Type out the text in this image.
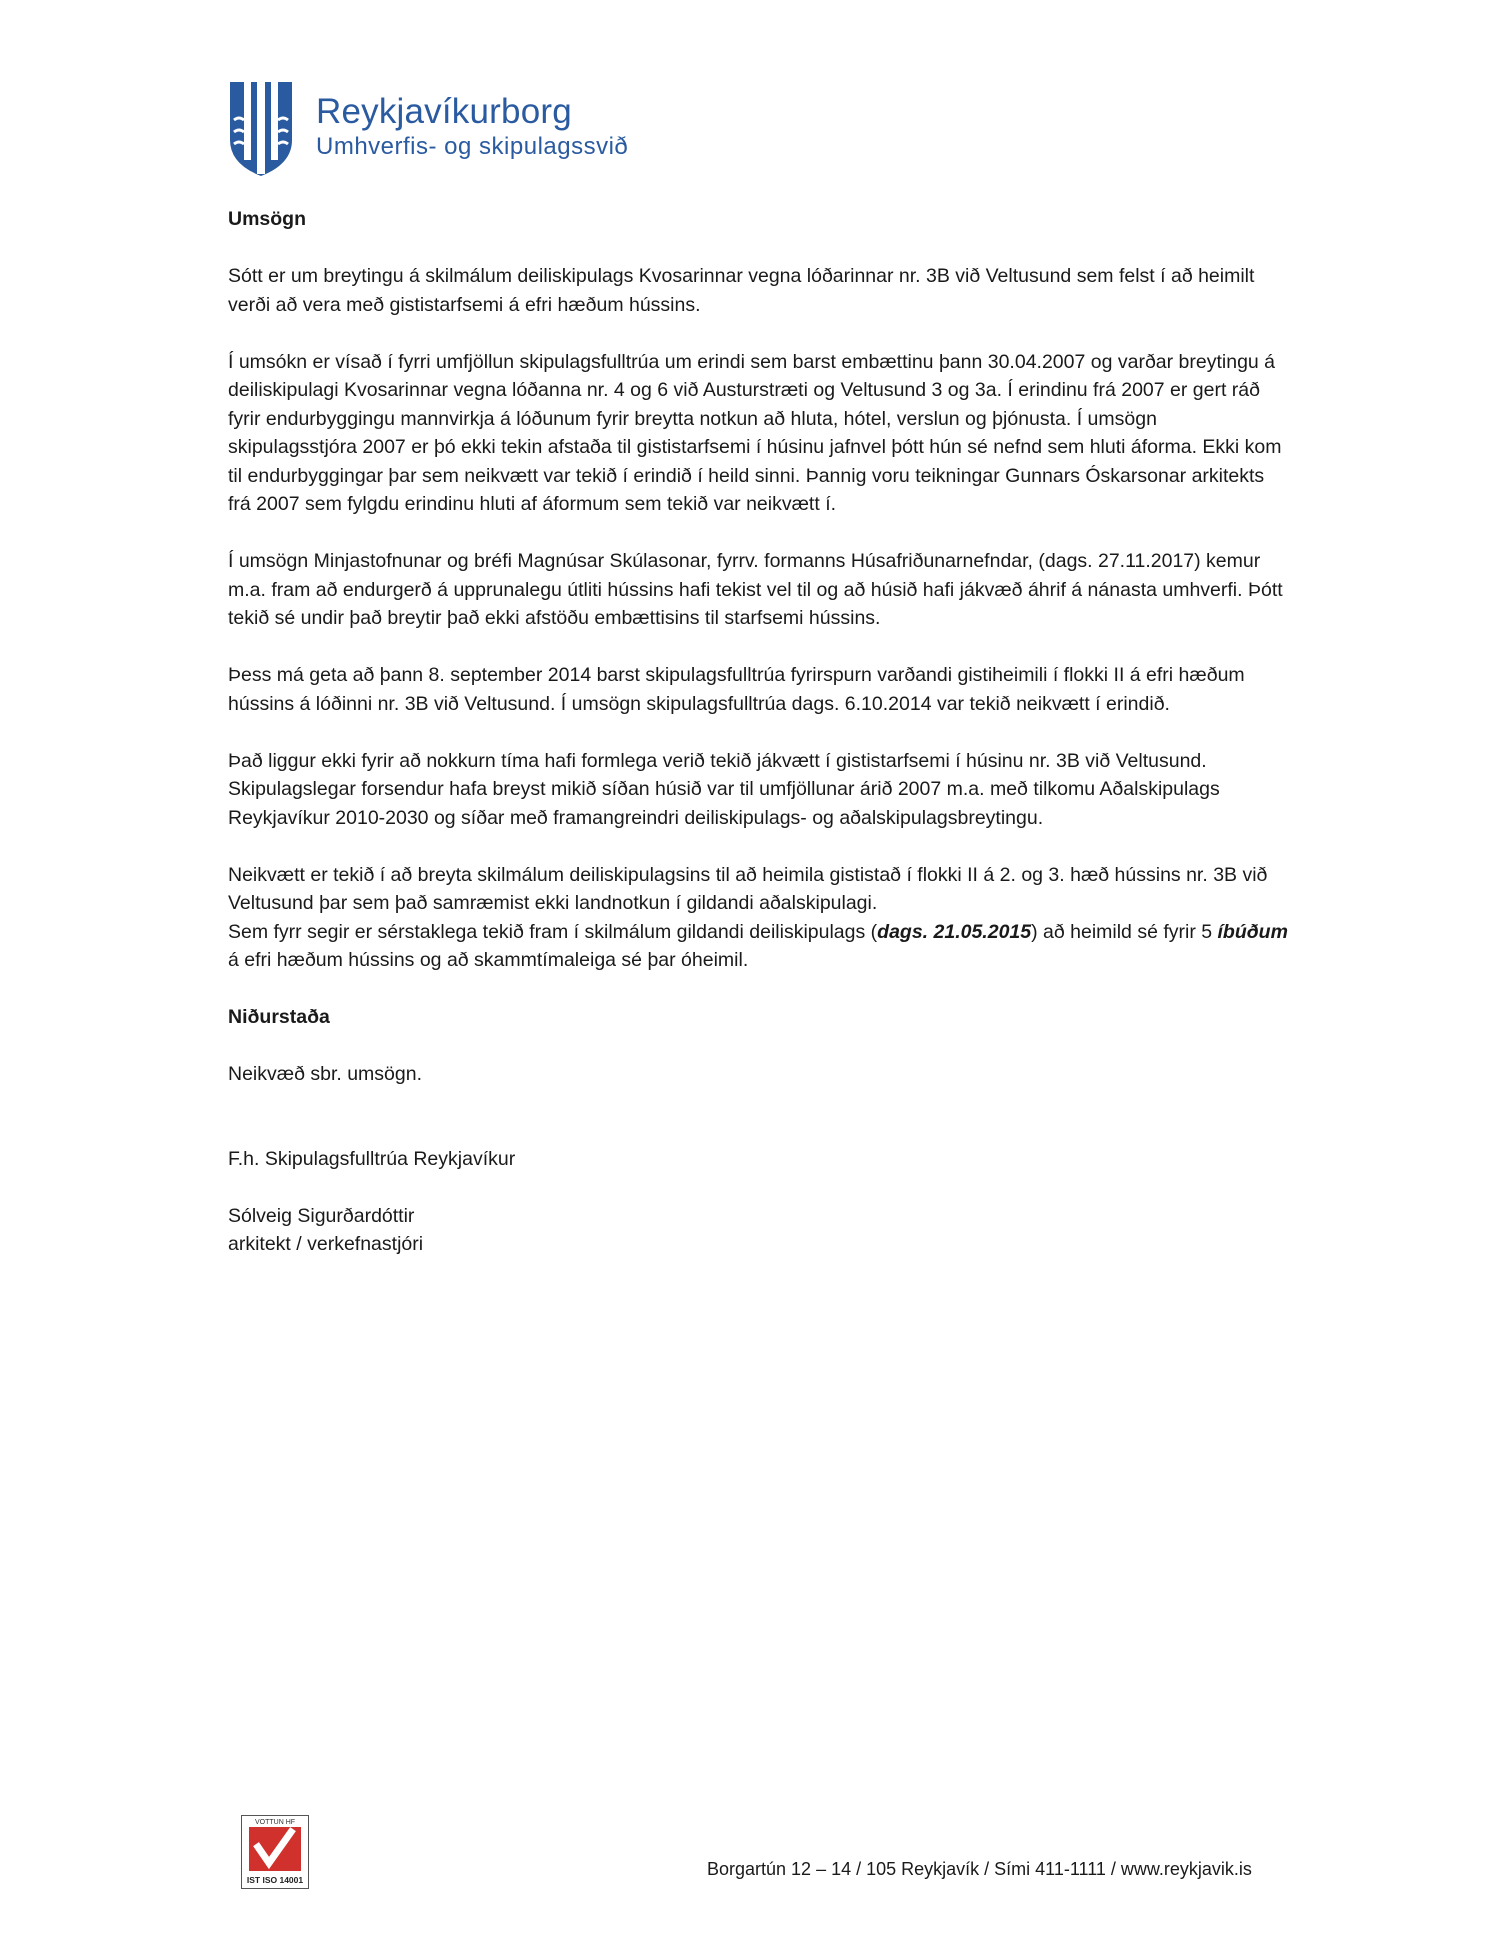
Reykjavíkurborg
Umhverfis- og skipulagssvið

Umsögn

Sótt er um breytingu á skilmálum deiliskipulags Kvosarinnar vegna lóðarinnar nr. 3B við Veltusund sem felst í að heimilt verði að vera með gististarfsemi á efri hæðum hússins.

Í umsókn er vísað í fyrri umfjöllun skipulagsfulltrúa um erindi sem barst embættinu þann 30.04.2007 og varðar breytingu á deiliskipulagi Kvosarinnar vegna lóðanna nr. 4 og 6 við Austurstræti og Veltusund 3 og 3a. Í erindinu frá 2007 er gert ráð fyrir endurbyggingu mannvirkja á lóðunum fyrir breytta notkun að hluta, hótel, verslun og þjónusta. Í umsögn skipulagsstjóra 2007 er þó ekki tekin afstaða til gististarfsemi í húsinu jafnvel þótt hún sé nefnd sem hluti áforma. Ekki kom til endurbyggingar þar sem neikvætt var tekið í erindið í heild sinni. Þannig voru teikningar Gunnars Óskarsonar arkitekts frá 2007 sem fylgdu erindinu hluti af áformum sem tekið var neikvætt í.

Í umsögn Minjastofnunar og bréfi Magnúsar Skúlasonar, fyrrv. formanns Húsafriðunarnefndar, (dags. 27.11.2017) kemur m.a. fram að endurgerð á upprunalegu útliti hússins hafi tekist vel til og að húsið hafi jákvæð áhrif á nánasta umhverfi. Þótt tekið sé undir það breytir það ekki afstöðu embættisins til starfsemi hússins.

Þess má geta að þann 8. september 2014 barst skipulagsfulltrúa fyrirspurn varðandi gistiheimili í flokki II á efri hæðum hússins á lóðinni nr. 3B við Veltusund. Í umsögn skipulagsfulltrúa dags. 6.10.2014 var tekið neikvætt í erindið.

Það liggur ekki fyrir að nokkurn tíma hafi formlega verið tekið jákvætt í gististarfsemi í húsinu nr. 3B við Veltusund. Skipulagslegar forsendur hafa breyst mikið síðan húsið var til umfjöllunar árið 2007 m.a. með tilkomu Aðalskipulags Reykjavíkur 2010-2030 og síðar með framangreindri deiliskipulags- og aðalskipulagsbreytingu.

Neikvætt er tekið í að breyta skilmálum deiliskipulagsins til að heimila gististað í flokki II á 2. og 3. hæð hússins nr. 3B við Veltusund þar sem það samræmist ekki landnotkun í gildandi aðalskipulagi.
Sem fyrr segir er sérstaklega tekið fram í skilmálum gildandi deiliskipulags (dags. 21.05.2015) að heimild sé fyrir 5 íbúðum á efri hæðum hússins og að skammtímaleiga sé þar óheimil.

Niðurstaða

Neikvæð sbr. umsögn.

F.h. Skipulagsfulltrúa Reykjavíkur

Sólveig Sigurðardóttir
arkitekt / verkefnastjóri

VOTTUN HF
IST ISO 14001
Borgartún 12 – 14 / 105 Reykjavík / Sími 411-1111 / www.reykjavik.is
